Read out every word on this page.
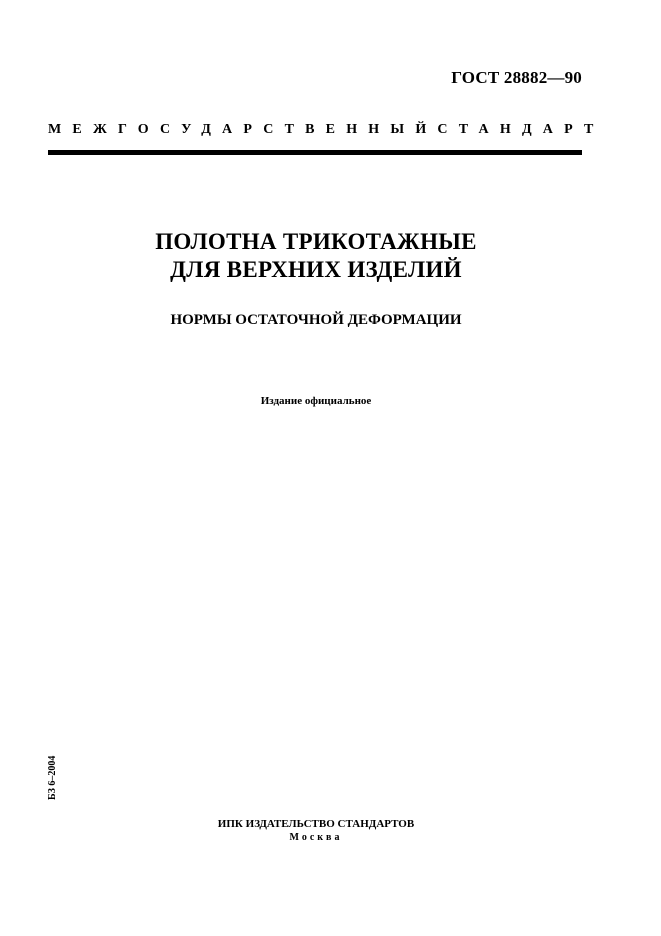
ГОСТ 28882—90
МЕЖГОСУДАРСТВЕННЫЙ СТАНДАРТ
ПОЛОТНА ТРИКОТАЖНЫЕ
ДЛЯ ВЕРХНИХ ИЗДЕЛИЙ
НОРМЫ ОСТАТОЧНОЙ ДЕФОРМАЦИИ
Издание официальное
БЗ 6–2004
ИПК ИЗДАТЕЛЬСТВО СТАНДАРТОВ
Москва
